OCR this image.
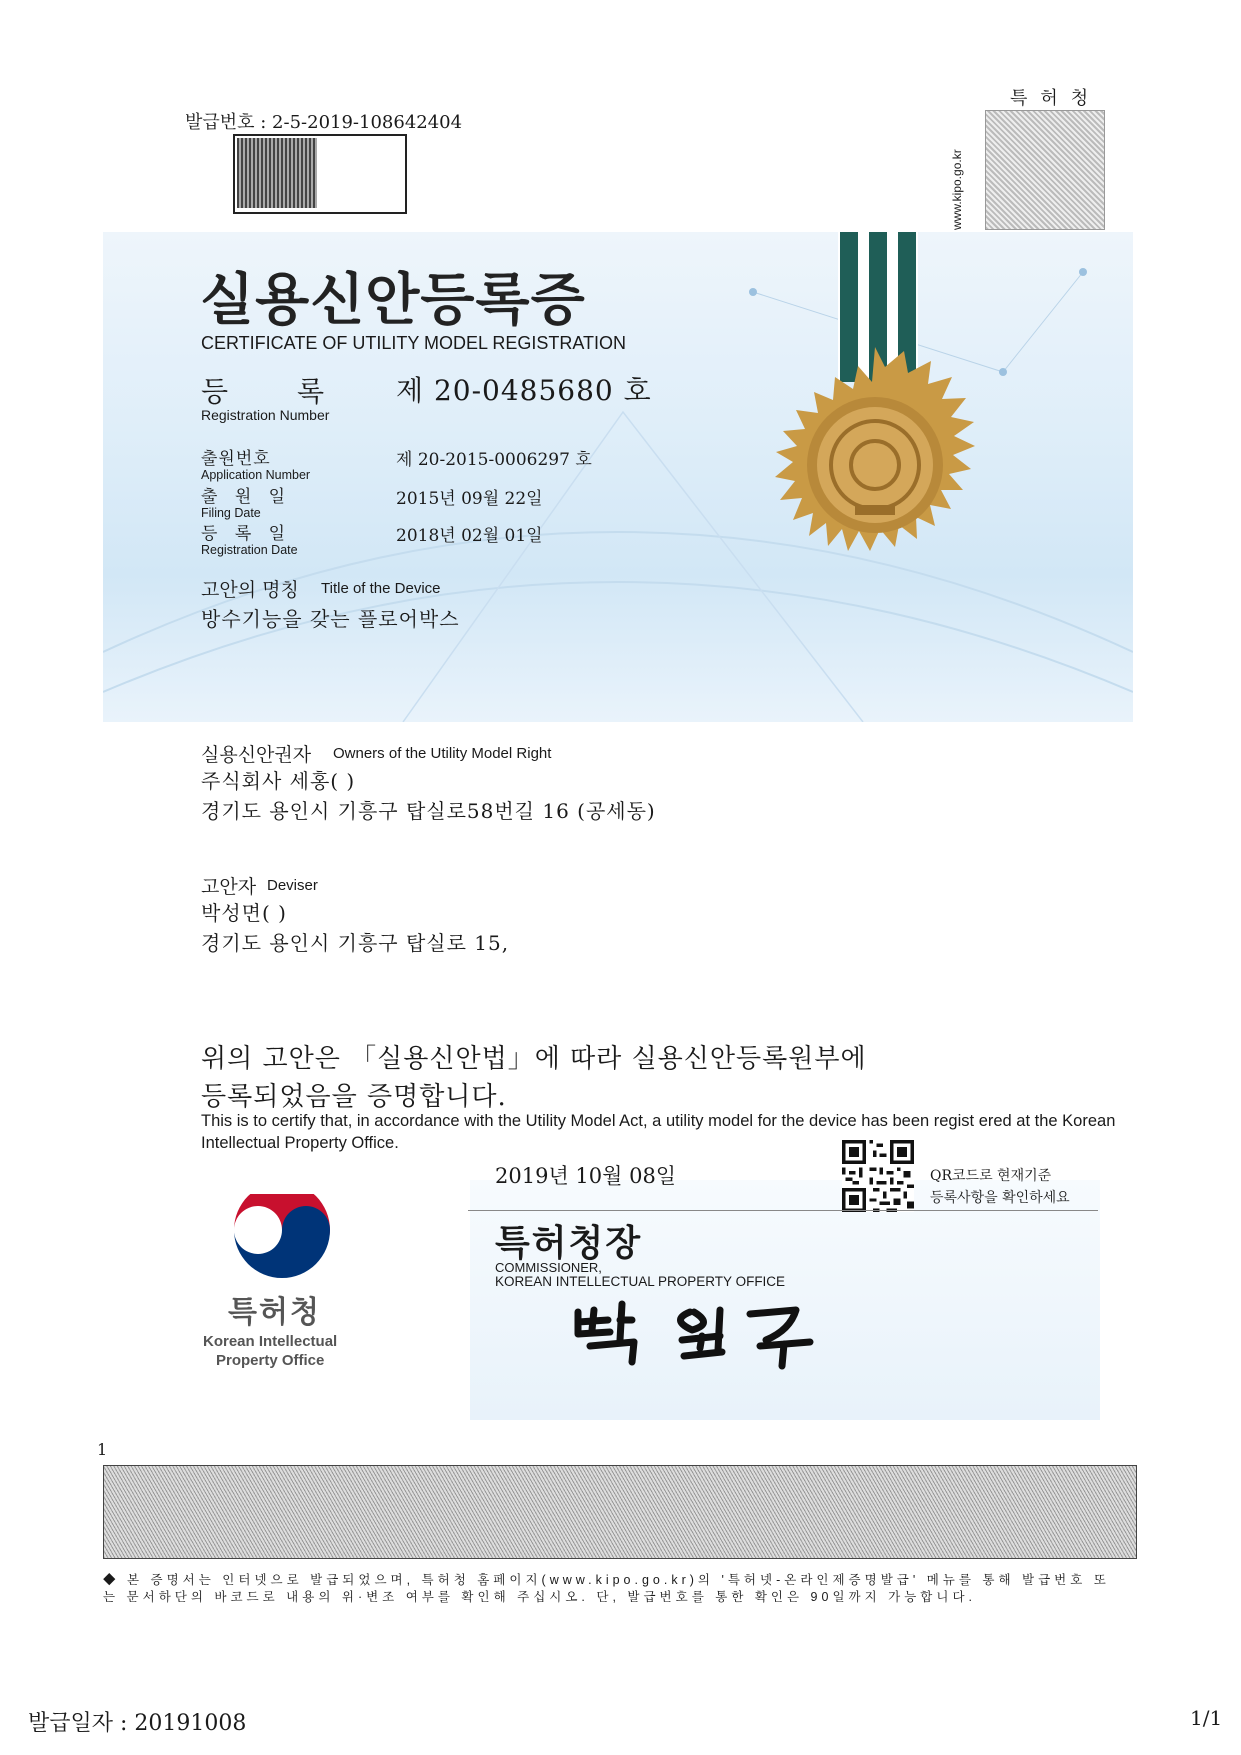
발급번호 : 2-5-2019-108642404
특 허 청
www.kipo.go.kr
실용신안등록증
CERTIFICATE OF UTILITY MODEL REGISTRATION
등 록
Registration Number
제 20-0485680 호
출원번호
Application Number
제 20-2015-0006297 호
출 원 일
Filing Date
2015년 09월 22일
등 록 일
Registration Date
2018년 02월 01일
고안의 명칭 Title of the Device
방수기능을 갖는 플로어박스
실용신안권자 Owners of the Utility Model Right
주식회사 세홍( )
경기도 용인시 기흥구 탑실로58번길 16 (공세동)
고안자 Deviser
박성면( )
경기도 용인시 기흥구 탑실로 15,
위의 고안은 「실용신안법」에 따라 실용신안등록원부에
등록되었음을 증명합니다.
This is to certify that, in accordance with the Utility Model Act, a utility model for the device has been regist ered at the Korean Intellectual Property Office.
2019년 10월 08일	QR코드로 현재기준
등록사항을 확인하세요
특허청
Korean Intellectual
Property Office
특허청장
COMMISSIONER,
KOREAN INTELLECTUAL PROPERTY OFFICE
1
◆ 본 증명서는 인터넷으로 발급되었으며, 특허청 홈페이지(www.kipo.go.kr)의 '특허넷-온라인제증명발급' 메뉴를 통해 발급번호 또는 문서하단의 바코드로 내용의 위·변조 여부를 확인해 주십시오. 단, 발급번호를 통한 확인은 90일까지 가능합니다.
발급일자 : 20191008	1/1
